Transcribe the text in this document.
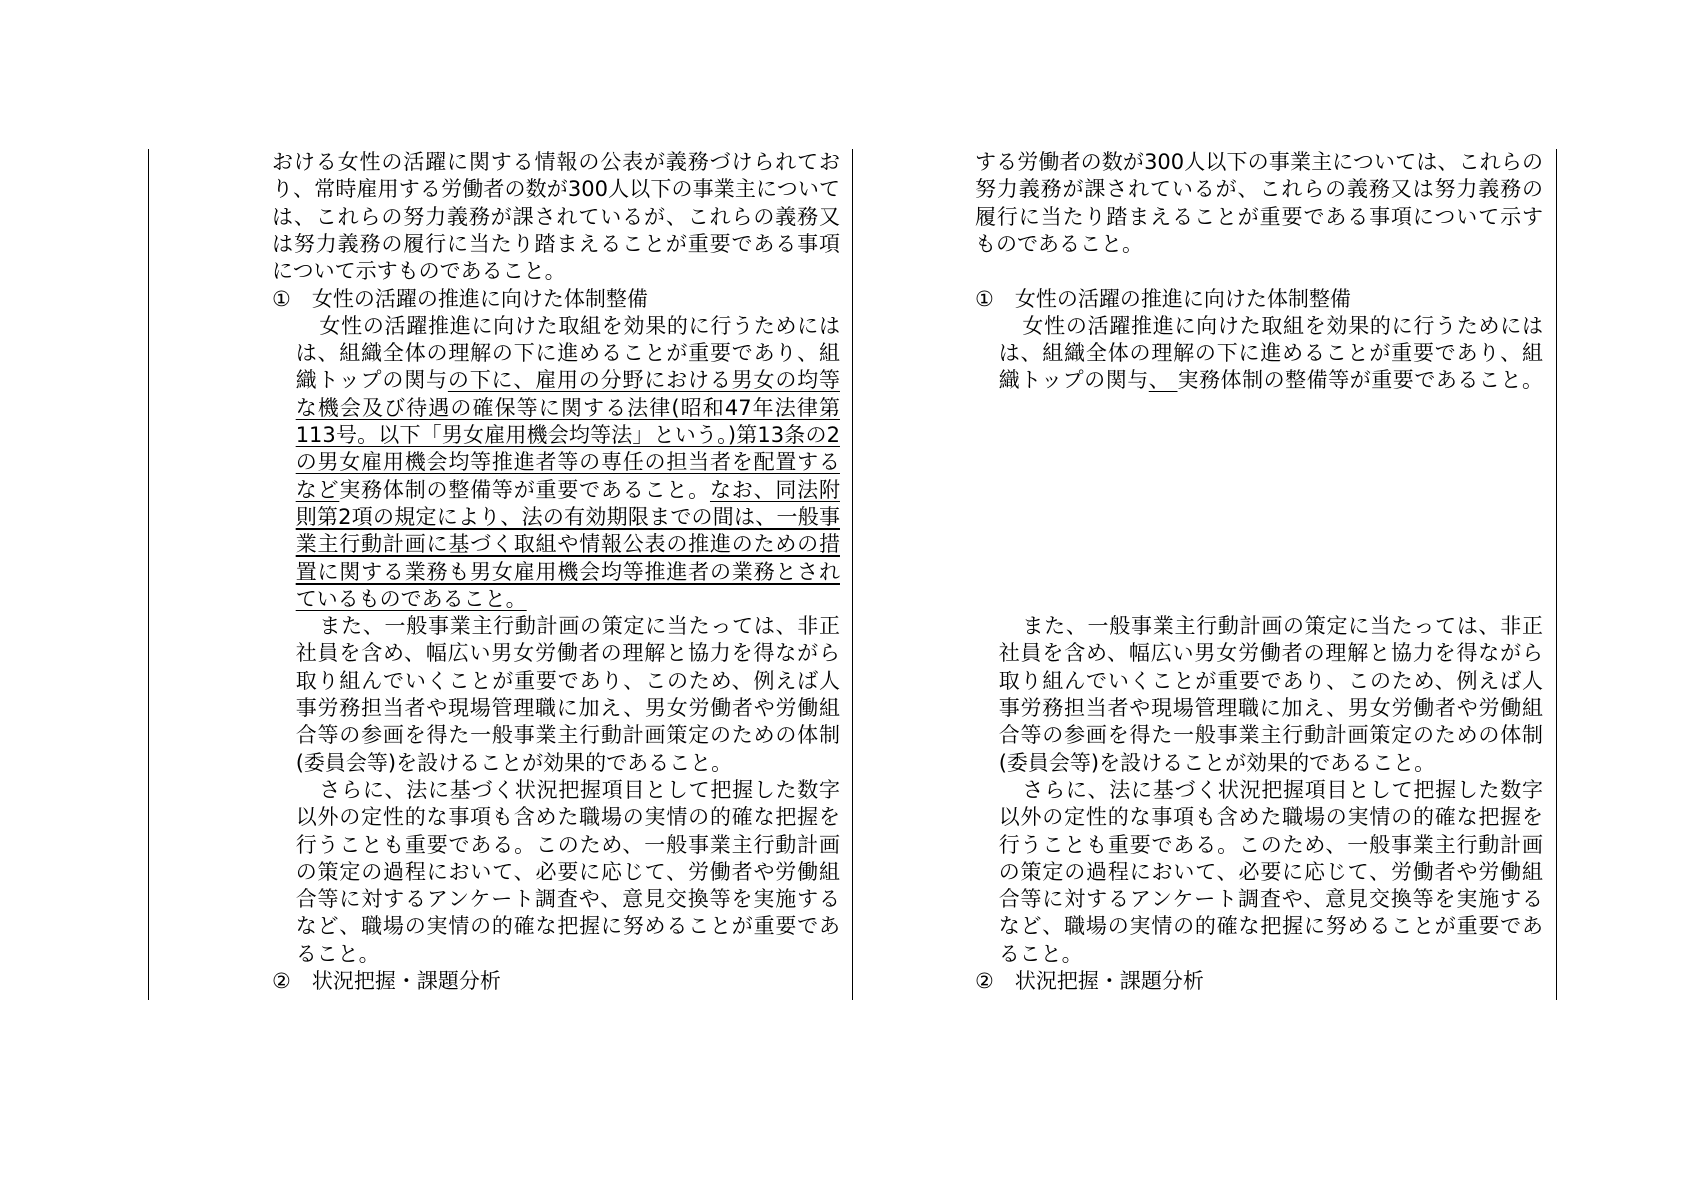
おける女性の活躍に関する情報の公表が義務づけられてお
り、常時雇用する労働者の数が300人以下の事業主について
は、これらの努力義務が課されているが、これらの義務又
は努力義務の履行に当たり踏まえることが重要である事項
について示すものであること。
①　女性の活躍の推進に向けた体制整備
女性の活躍推進に向けた取組を効果的に行うためには
は、組織全体の理解の下に進めることが重要であり、組
織トップの関与の下に、雇用の分野における男女の均等
な機会及び待遇の確保等に関する法律(昭和47年法律第
113号。以下「男女雇用機会均等法」という。)第13条の2
の男女雇用機会均等推進者等の専任の担当者を配置する
など実務体制の整備等が重要であること。なお、同法附
則第2項の規定により、法の有効期限までの間は、一般事
業主行動計画に基づく取組や情報公表の推進のための措
置に関する業務も男女雇用機会均等推進者の業務とされ
ているものであること。
また、一般事業主行動計画の策定に当たっては、非正
社員を含め、幅広い男女労働者の理解と協力を得ながら
取り組んでいくことが重要であり、このため、例えば人
事労務担当者や現場管理職に加え、男女労働者や労働組
合等の参画を得た一般事業主行動計画策定のための体制
(委員会等)を設けることが効果的であること。
さらに、法に基づく状況把握項目として把握した数字
以外の定性的な事項も含めた職場の実情の的確な把握を
行うことも重要である。このため、一般事業主行動計画
の策定の過程において、必要に応じて、労働者や労働組
合等に対するアンケート調査や、意見交換等を実施する
など、職場の実情の的確な把握に努めることが重要であ
ること。
②　状況把握・課題分析
する労働者の数が300人以下の事業主については、これらの
努力義務が課されているが、これらの義務又は努力義務の
履行に当たり踏まえることが重要である事項について示す
ものであること。
①　女性の活躍の推進に向けた体制整備
女性の活躍推進に向けた取組を効果的に行うためには
は、組織全体の理解の下に進めることが重要であり、組
織トップの関与、 実務体制の整備等が重要であること。
また、一般事業主行動計画の策定に当たっては、非正
社員を含め、幅広い男女労働者の理解と協力を得ながら
取り組んでいくことが重要であり、このため、例えば人
事労務担当者や現場管理職に加え、男女労働者や労働組
合等の参画を得た一般事業主行動計画策定のための体制
(委員会等)を設けることが効果的であること。
さらに、法に基づく状況把握項目として把握した数字
以外の定性的な事項も含めた職場の実情の的確な把握を
行うことも重要である。このため、一般事業主行動計画
の策定の過程において、必要に応じて、労働者や労働組
合等に対するアンケート調査や、意見交換等を実施する
など、職場の実情の的確な把握に努めることが重要であ
ること。
②　状況把握・課題分析
